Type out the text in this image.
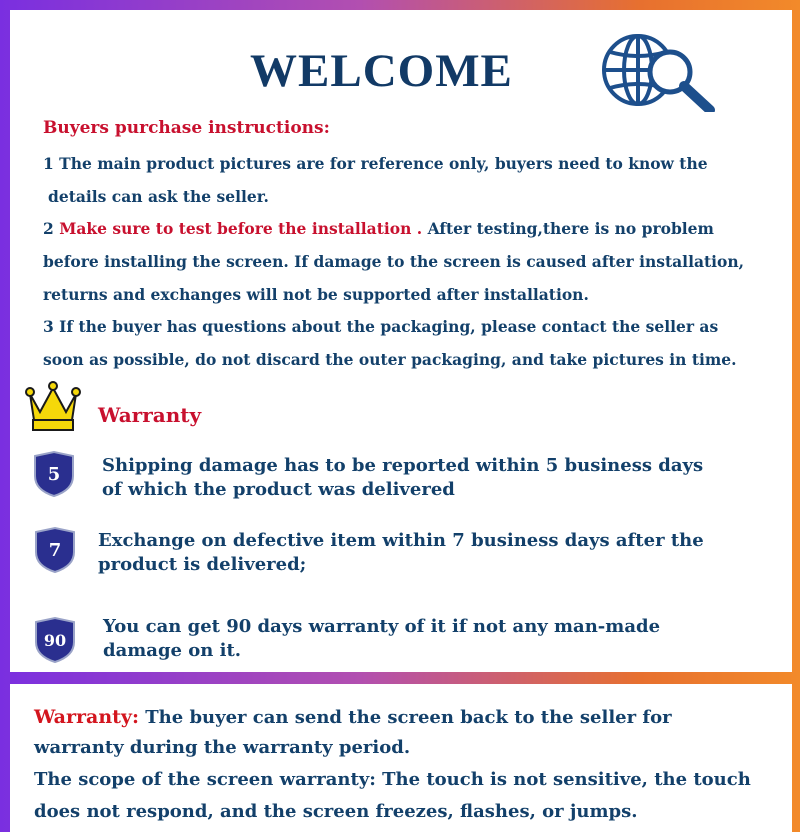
WELCOME
Buyers purchase instructions:
1 The main product pictures are for reference only, buyers need to know the
details can ask the seller.
2 Make sure to test before the installation . After testing,there is no problem
before installing the screen. If damage to the screen is caused after installation,
returns and exchanges will not be supported after installation.
3 If the buyer has questions about the packaging, please contact the seller as
soon as possible, do not discard the outer packaging, and take pictures in time.
Warranty
5 Shipping damage has to be reported within 5 business days
of which the product was delivered
7 Exchange on defective item within 7 business days after the
product is delivered;
90
You can get 90 days warranty of it if not any man-made
damage on it.
Warranty: The buyer can send the screen back to the seller for
warranty during the warranty period.
The scope of the screen warranty: The touch is not sensitive, the touch
does not respond, and the screen freezes, flashes, or jumps.
